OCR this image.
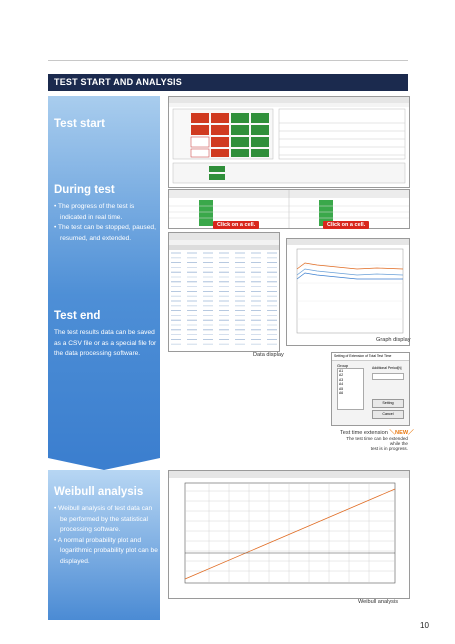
TEST START AND ANALYSIS
Test start
During test
• The progress of the test is indicated in real time.
• The test can be stopped, paused, resumed, and extended.
Test end
The test results data can be saved as a CSV file or as a special file for the data processing software.
Weibull analysis
• Weibull analysis of test data can be performed by the statistical processing software.
• A normal probability plot and logarithmic probability plot can be displayed.
Click on a cell.	Click on a cell.
Data display
Graph display
Setting of Extension of Total Test Time
Group
A1
A2
A3
A4
A5
A6
Additional Period[h]
Setting
Cancel
Test time extension ＼NEW／
The test time can be extended while the
test is in progress.
Weibull analysis
10
